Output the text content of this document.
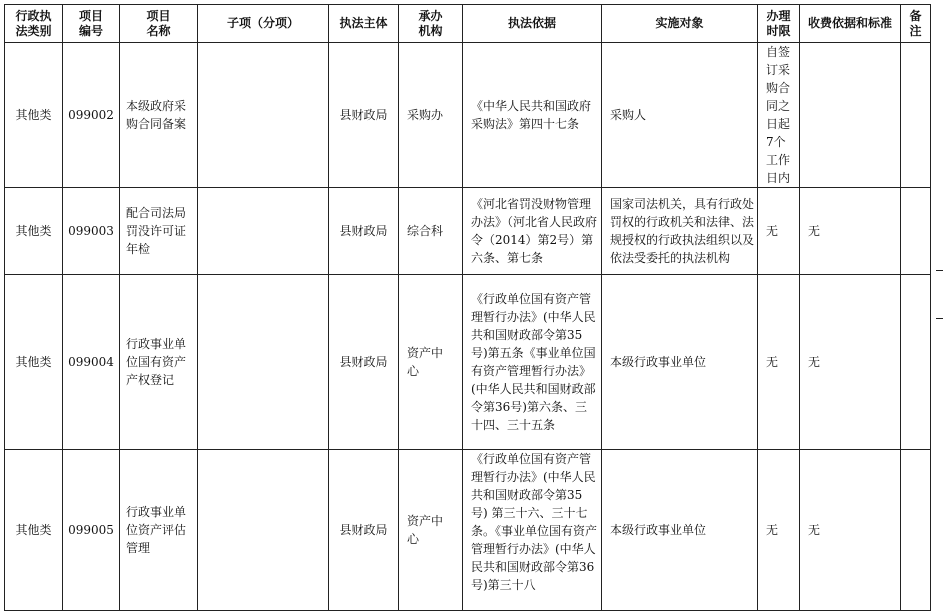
行政执法类别	项目编号	项目名称	子项（分项）	执法主体	承办机构	执法依据	实施对象	办理时限	收费依据和标准	备注

其他类	099002	本级政府采购合同备案		县财政局	采购办	《中华人民共和国政府采购法》第四十七条	采购人	自签订采购合同之日起7个工作日内		

其他类	099003	配合司法局罚没许可证年检		县财政局	综合科	《河北省罚没财物管理办法》（河北省人民政府令（2014）第2号）第六条、第七条	国家司法机关，具有行政处罚权的行政机关和法律、法规授权的行政执法组织以及依法受委托的执法机构	无	无	

其他类	099004	行政事业单位国有资产产权登记		县财政局	资产中心	《行政单位国有资产管理暂行办法》(中华人民共和国财政部令第35号)第五条《事业单位国有资产管理暂行办法》(中华人民共和国财政部令第36号)第六条、三十四、三十五条	本级行政事业单位	无	无	

其他类	099005	行政事业单位资产评估管理		县财政局	资产中心	《行政单位国有资产管理暂行办法》(中华人民共和国财政部令第35号) 第三十六、三十七条。《事业单位国有资产管理暂行办法》(中华人民共和国财政部令第36号)第三十八	本级行政事业单位	无	无	
